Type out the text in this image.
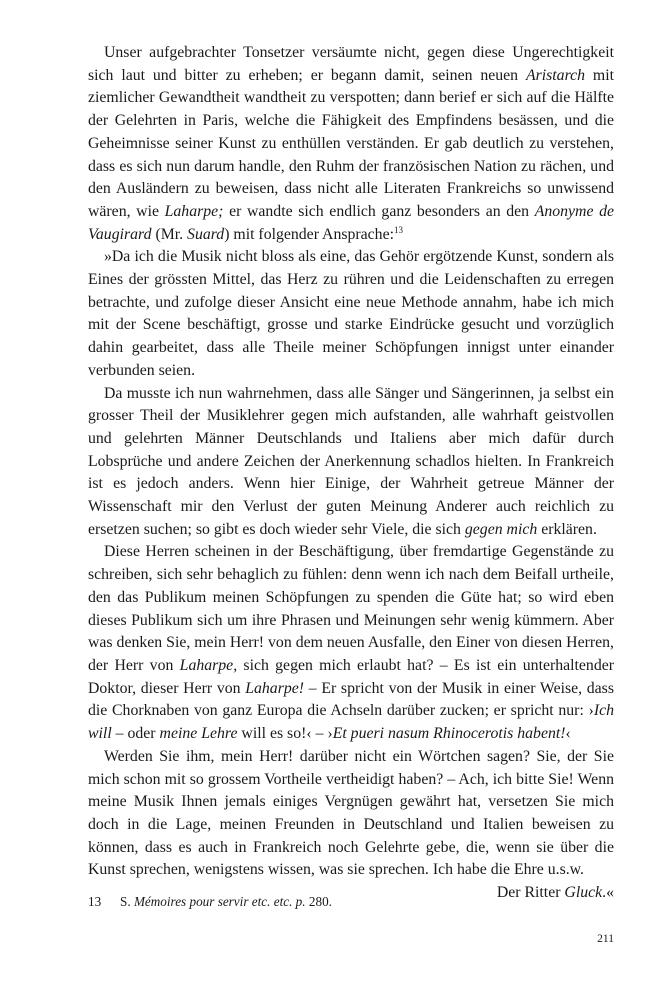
Unser aufgebrachter Tonsetzer versäumte nicht, gegen diese Ungerechtigkeit sich laut und bitter zu erheben; er begann damit, seinen neuen Aristarch mit ziemlicher Gewandtheit wandtheit zu verspotten; dann berief er sich auf die Hälfte der Gelehrten in Paris, welche die Fähigkeit des Empfindens besässen, und die Geheimnisse seiner Kunst zu enthüllen verständen. Er gab deutlich zu verstehen, dass es sich nun darum handle, den Ruhm der französischen Nation zu rächen, und den Ausländern zu beweisen, dass nicht alle Literaten Frankreichs so unwissend wären, wie Laharpe; er wandte sich endlich ganz besonders an den Anonyme de Vaugirard (Mr. Suard) mit folgender Ansprache:$^{13}$

»Da ich die Musik nicht bloss als eine, das Gehör ergötzende Kunst, sondern als Eines der grössten Mittel, das Herz zu rühren und die Leidenschaften zu erregen betrachte, und zufolge dieser Ansicht eine neue Methode annahm, habe ich mich mit der Scene beschäftigt, grosse und starke Eindrücke gesucht und vorzüglich dahin gearbeitet, dass alle Theile meiner Schöpfungen innigst unter einander verbunden seien.

Da musste ich nun wahrnehmen, dass alle Sänger und Sängerinnen, ja selbst ein grosser Theil der Musiklehrer gegen mich aufstanden, alle wahrhaft geistvollen und gelehrten Männer Deutschlands und Italiens aber mich dafür durch Lobsprüche und andere Zeichen der Anerkennung schadlos hielten. In Frankreich ist es jedoch anders. Wenn hier Einige, der Wahrheit getreue Männer der Wissenschaft mir den Verlust der guten Meinung Anderer auch reichlich zu ersetzen suchen; so gibt es doch wieder sehr Viele, die sich gegen mich erklären.

Diese Herren scheinen in der Beschäftigung, über fremdartige Gegenstände zu schreiben, sich sehr behaglich zu fühlen: denn wenn ich nach dem Beifall urtheile, den das Publikum meinen Schöpfungen zu spenden die Güte hat; so wird eben dieses Publikum sich um ihre Phrasen und Meinungen sehr wenig kümmern. Aber was denken Sie, mein Herr! von dem neuen Ausfalle, den Einer von diesen Herren, der Herr von Laharpe, sich gegen mich erlaubt hat? – Es ist ein unterhaltender Doktor, dieser Herr von Laharpe! – Er spricht von der Musik in einer Weise, dass die Chorknaben von ganz Europa die Achseln darüber zucken; er spricht nur: ›Ich will – oder meine Lehre will es so!‹ – ›Et pueri nasum Rhinocerotis habent!‹

Werden Sie ihm, mein Herr! darüber nicht ein Wörtchen sagen? Sie, der Sie mich schon mit so grossem Vortheile vertheidigt haben? – Ach, ich bitte Sie! Wenn meine Musik Ihnen jemals einiges Vergnügen gewährt hat, versetzen Sie mich doch in die Lage, meinen Freunden in Deutschland und Italien beweisen zu können, dass es auch in Frankreich noch Gelehrte gebe, die, wenn sie über die Kunst sprechen, wenigstens wissen, was sie sprechen. Ich habe die Ehre u.s.w.

Der Ritter Gluck.«

13 S. Mémoires pour servir etc. etc. p. 280.
211
